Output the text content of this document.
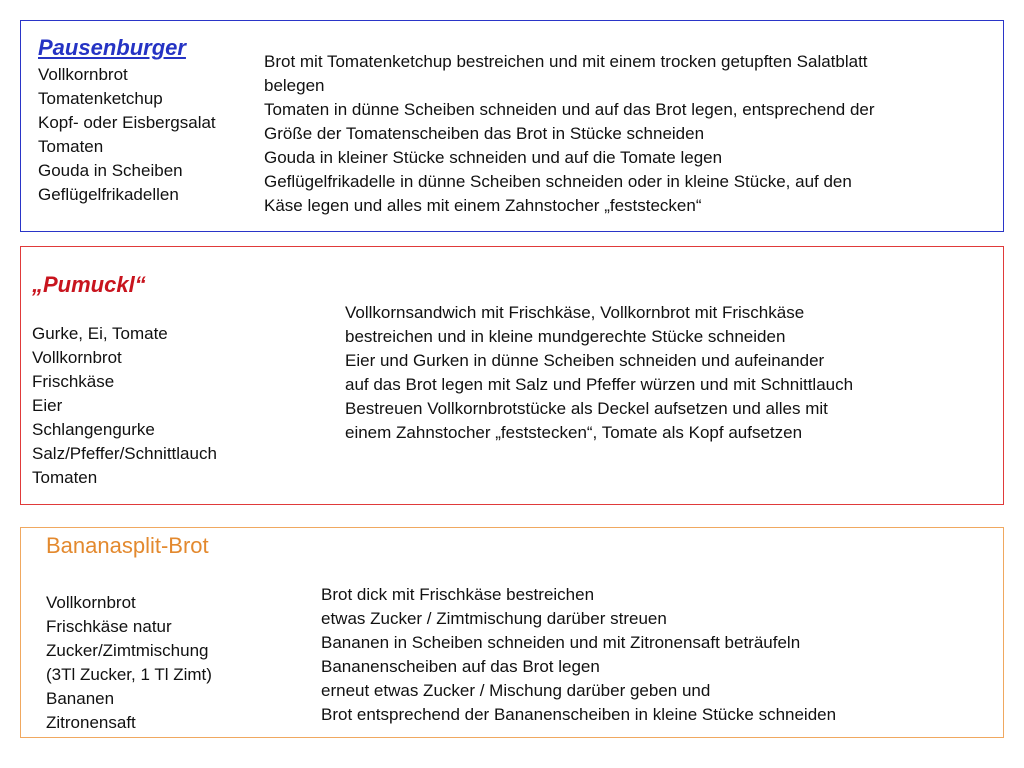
Pausenburger
Vollkornbrot
Tomatenketchup
Kopf- oder Eisbergsalat
Tomaten
Gouda in Scheiben
Geflügelfrikadellen
Brot mit Tomatenketchup bestreichen und mit einem trocken getupften Salatblatt
belegen
Tomaten in dünne Scheiben schneiden und auf das Brot legen, entsprechend der
Größe der Tomatenscheiben das Brot in Stücke schneiden
Gouda in kleiner Stücke schneiden und auf die Tomate legen
Geflügelfrikadelle in dünne Scheiben schneiden oder in kleine Stücke, auf den
Käse legen und alles mit einem Zahnstocher „feststecken“
„Pumuckl“
Gurke, Ei, Tomate
Vollkornbrot
Frischkäse
Eier
Schlangengurke
Salz/Pfeffer/Schnittlauch
Tomaten
Vollkornsandwich mit Frischkäse, Vollkornbrot mit Frischkäse
bestreichen und in kleine mundgerechte Stücke schneiden
Eier und Gurken in dünne Scheiben schneiden und aufeinander
auf das Brot legen mit Salz und Pfeffer würzen und mit Schnittlauch
Bestreuen Vollkornbrotstücke als Deckel aufsetzen und alles mit
einem Zahnstocher „feststecken“, Tomate als Kopf aufsetzen
Bananasplit-Brot
Vollkornbrot
Frischkäse natur
Zucker/Zimtmischung
(3Tl Zucker, 1 Tl Zimt)
Bananen
Zitronensaft
Brot dick mit Frischkäse bestreichen
etwas Zucker / Zimtmischung darüber streuen
Bananen in Scheiben schneiden und mit Zitronensaft beträufeln
Bananenscheiben auf das Brot legen
erneut etwas Zucker / Mischung darüber geben und
Brot entsprechend der Bananenscheiben in kleine Stücke schneiden
